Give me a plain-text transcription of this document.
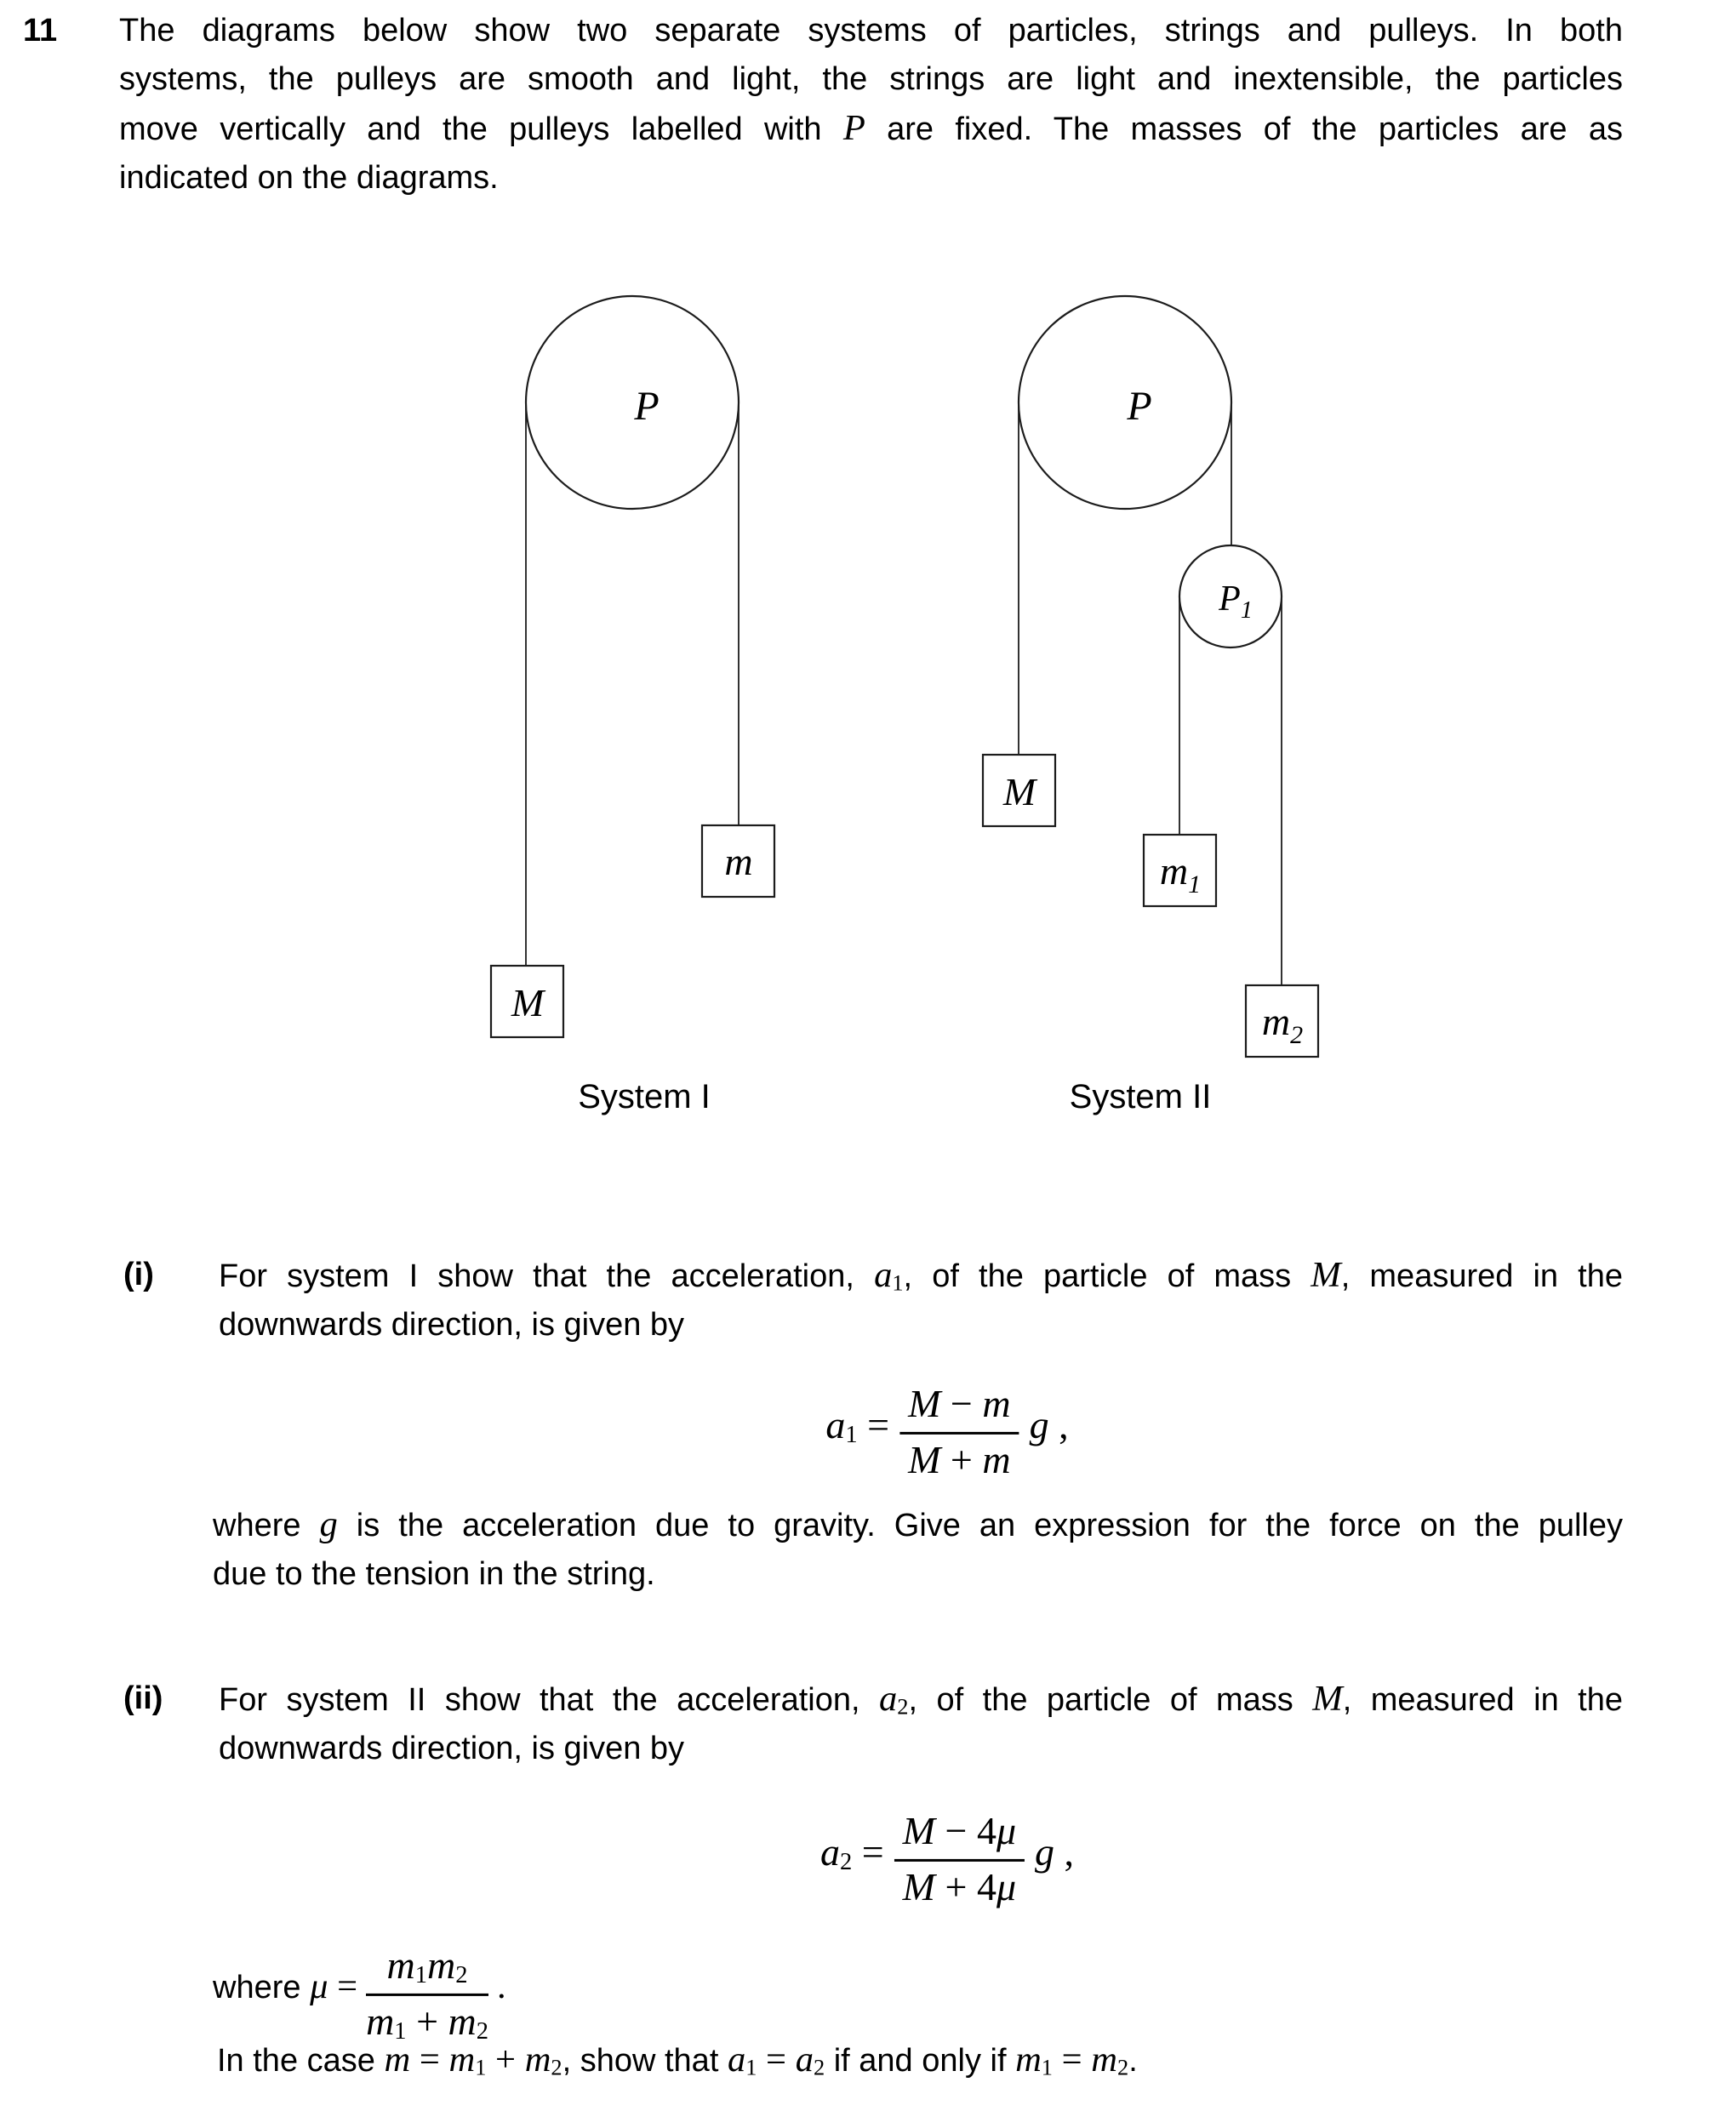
11 The diagrams below show two separate systems of particles, strings and pulleys. In both
systems, the pulleys are smooth and light, the strings are light and inextensible, the particles
move vertically and the pulleys labelled with P are fixed. The masses of the particles are as
indicated on the diagrams.
P
m
M
System I
P
$P_1$
M
$m_1$
$m_2$
System II
(i) For system I show that the acceleration, $a_1$, of the particle of mass M, measured in the
downwards direction, is given by
$a_1 = \frac{M - m}{M + m}$ g ,
where g is the acceleration due to gravity. Give an expression for the force on the pulley
due to the tension in the string.
(ii) For system II show that the acceleration, $a_2$, of the particle of mass M, measured in the
downwards direction, is given by
$a_2 = \frac{M - 4\mu}{M + 4\mu}$ g ,
where $\mu = \frac{m_1m_2}{m_1 + m_2}$ .
In the case $m = m_1 + m_2$, show that $a_1 = a_2$ if and only if $m_1 = m_2$.
